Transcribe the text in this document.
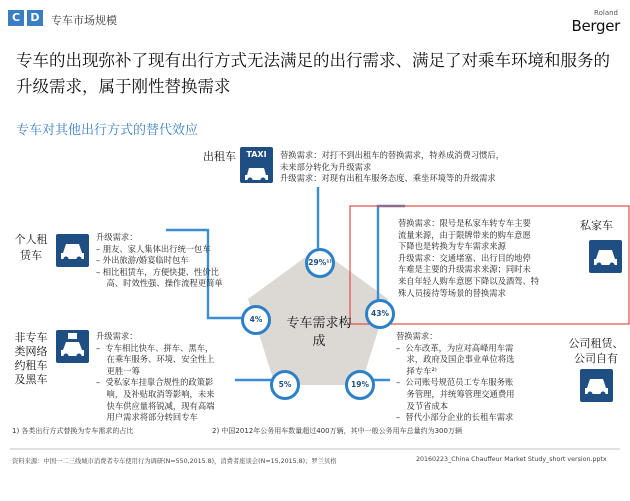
C D	专车市场规模
Roland
Berger
专车的出现弥补了现有出行方式无法满足的出行需求、满足了对乘车环境和服务的升级需求，属于刚性替换需求
专车对其他出行方式的替代效应
专车需求构成
29%¹⁾
4%
43%
5%	19%
出租车	TAXI	替换需求：对打不到出租车的替换需求，特养成消费习惯后，
未来部分转化为升级需求
升级需求：对现有出租车服务态度、乘坐环境等的升级需求
个人租赁车
升级需求：
– 朋友、家人集体出行统一包车
– 外出旅游/婚宴临时包车
– 相比租赁车，方便快捷、性价比
高、时效性强、操作流程更简单
替换需求：限号是私家车转专车主要
流量来源，由于限牌带来的购车意愿
下降也是转换为专车需求来源
升级需求：交通堵塞、出行目的地停
车难是主要的升级需求来源；同时未
来自年轻人购车意愿下降以及酒驾、特
殊人员接待等场景的替换需求
私家车
非专车类网络约租车及黑车
升级需求：
–  专车相比快车、拼车、黑车，
在乘车服务、环境、安全性上
更胜一筹
–  受私家车挂靠合规性的政策影
响，及补贴取消等影响，未来
快车供应量将锐减，现有高端
用户需求将部分转回专车
替换需求：
–  公车改革，为应对高峰用车需
求，政府及国企事业单位将选
择专车²⁾
–  公司账号规范员工专车服务账
务管理，并统筹管理交通费用
及节省成本
–  替代小部分企业的长租车需求
公司租赁、公司自有
1) 各类出行方式替换为专车需求的占比	2) 中国2012年公务用车数量超过400万辆，其中一般公务用车总量约为300万辆
资料来源：中国一二三线城市消费者专车使用行为调研(N=550,2015.8)，消费者座谈会(N=15,2015.8)；罗兰贝格	20160223_China Chauffeur Market Study_short version.pptx
